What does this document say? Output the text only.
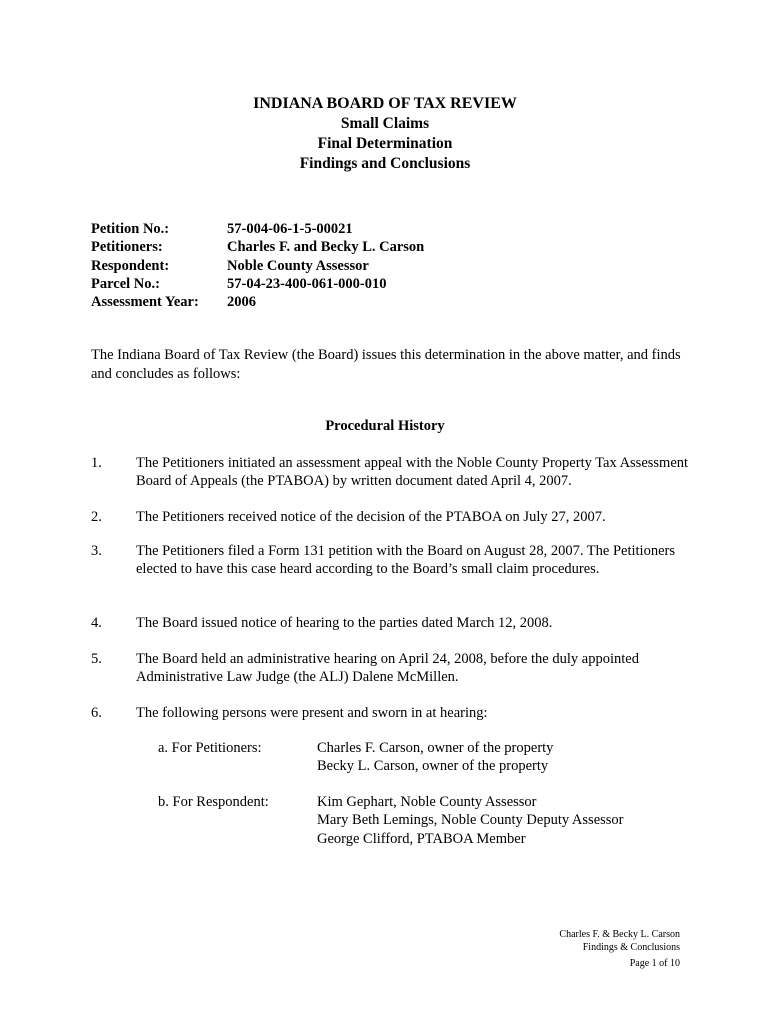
INDIANA BOARD OF TAX REVIEW
Small Claims
Final Determination
Findings and Conclusions
Petition No.:	57-004-06-1-5-00021
Petitioners:	Charles F. and Becky L. Carson
Respondent:	Noble County Assessor
Parcel No.:	57-04-23-400-061-000-010
Assessment Year:	2006
The Indiana Board of Tax Review (the Board) issues this determination in the above matter, and finds and concludes as follows:
Procedural History
1.	The Petitioners initiated an assessment appeal with the Noble County Property Tax Assessment Board of Appeals (the PTABOA) by written document dated April 4, 2007.
2.	The Petitioners received notice of the decision of the PTABOA on July 27, 2007.
3.	The Petitioners filed a Form 131 petition with the Board on August 28, 2007. The Petitioners elected to have this case heard according to the Board’s small claim procedures.
4.	The Board issued notice of hearing to the parties dated March 12, 2008.
5.	The Board held an administrative hearing on April 24, 2008, before the duly appointed Administrative Law Judge (the ALJ) Dalene McMillen.
6.	The following persons were present and sworn in at hearing:
a. For Petitioners:	Charles F. Carson, owner of the property
Becky L. Carson, owner of the property
b. For Respondent:	Kim Gephart, Noble County Assessor
Mary Beth Lemings, Noble County Deputy Assessor
George Clifford, PTABOA Member
Charles F. & Becky L. Carson
Findings & Conclusions
Page 1 of 10
